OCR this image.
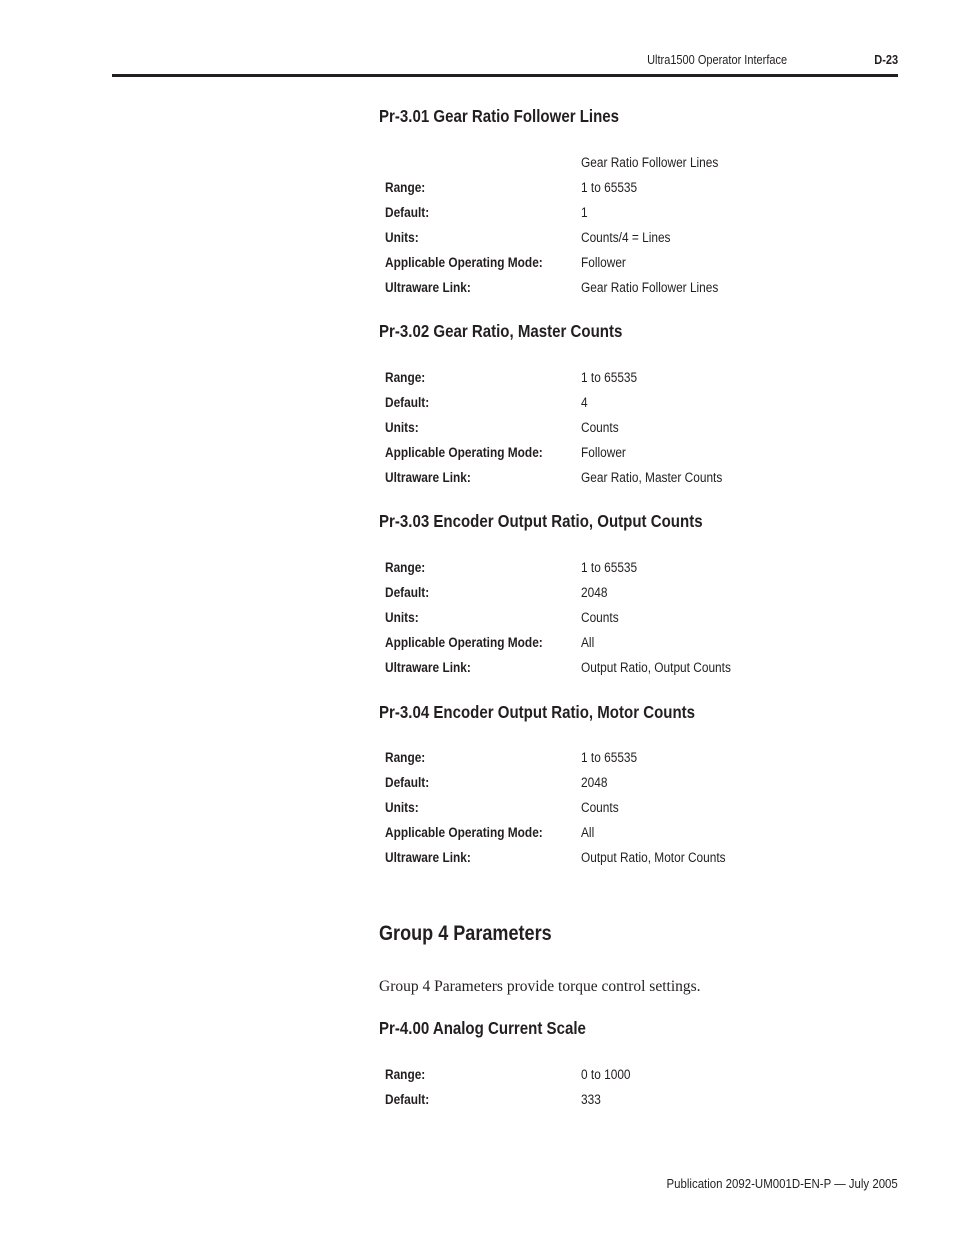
Ultra1500 Operator Interface	D-23
Pr-3.01 Gear Ratio Follower Lines
Gear Ratio Follower Lines
Range:	1 to 65535
Default:	1
Units:	Counts/4 = Lines
Applicable Operating Mode:	Follower
Ultraware Link:	Gear Ratio Follower Lines
Pr-3.02 Gear Ratio, Master Counts
Range:	1 to 65535
Default:	4
Units:	Counts
Applicable Operating Mode:	Follower
Ultraware Link:	Gear Ratio, Master Counts
Pr-3.03 Encoder Output Ratio, Output Counts
Range:	1 to 65535
Default:	2048
Units:	Counts
Applicable Operating Mode:	All
Ultraware Link:	Output Ratio, Output Counts
Pr-3.04 Encoder Output Ratio, Motor Counts
Range:	1 to 65535
Default:	2048
Units:	Counts
Applicable Operating Mode:	All
Ultraware Link:	Output Ratio, Motor Counts
Group 4 Parameters
Group 4 Parameters provide torque control settings.
Pr-4.00 Analog Current Scale
Range:	0 to 1000
Default:	333
Publication 2092-UM001D-EN-P — July 2005
